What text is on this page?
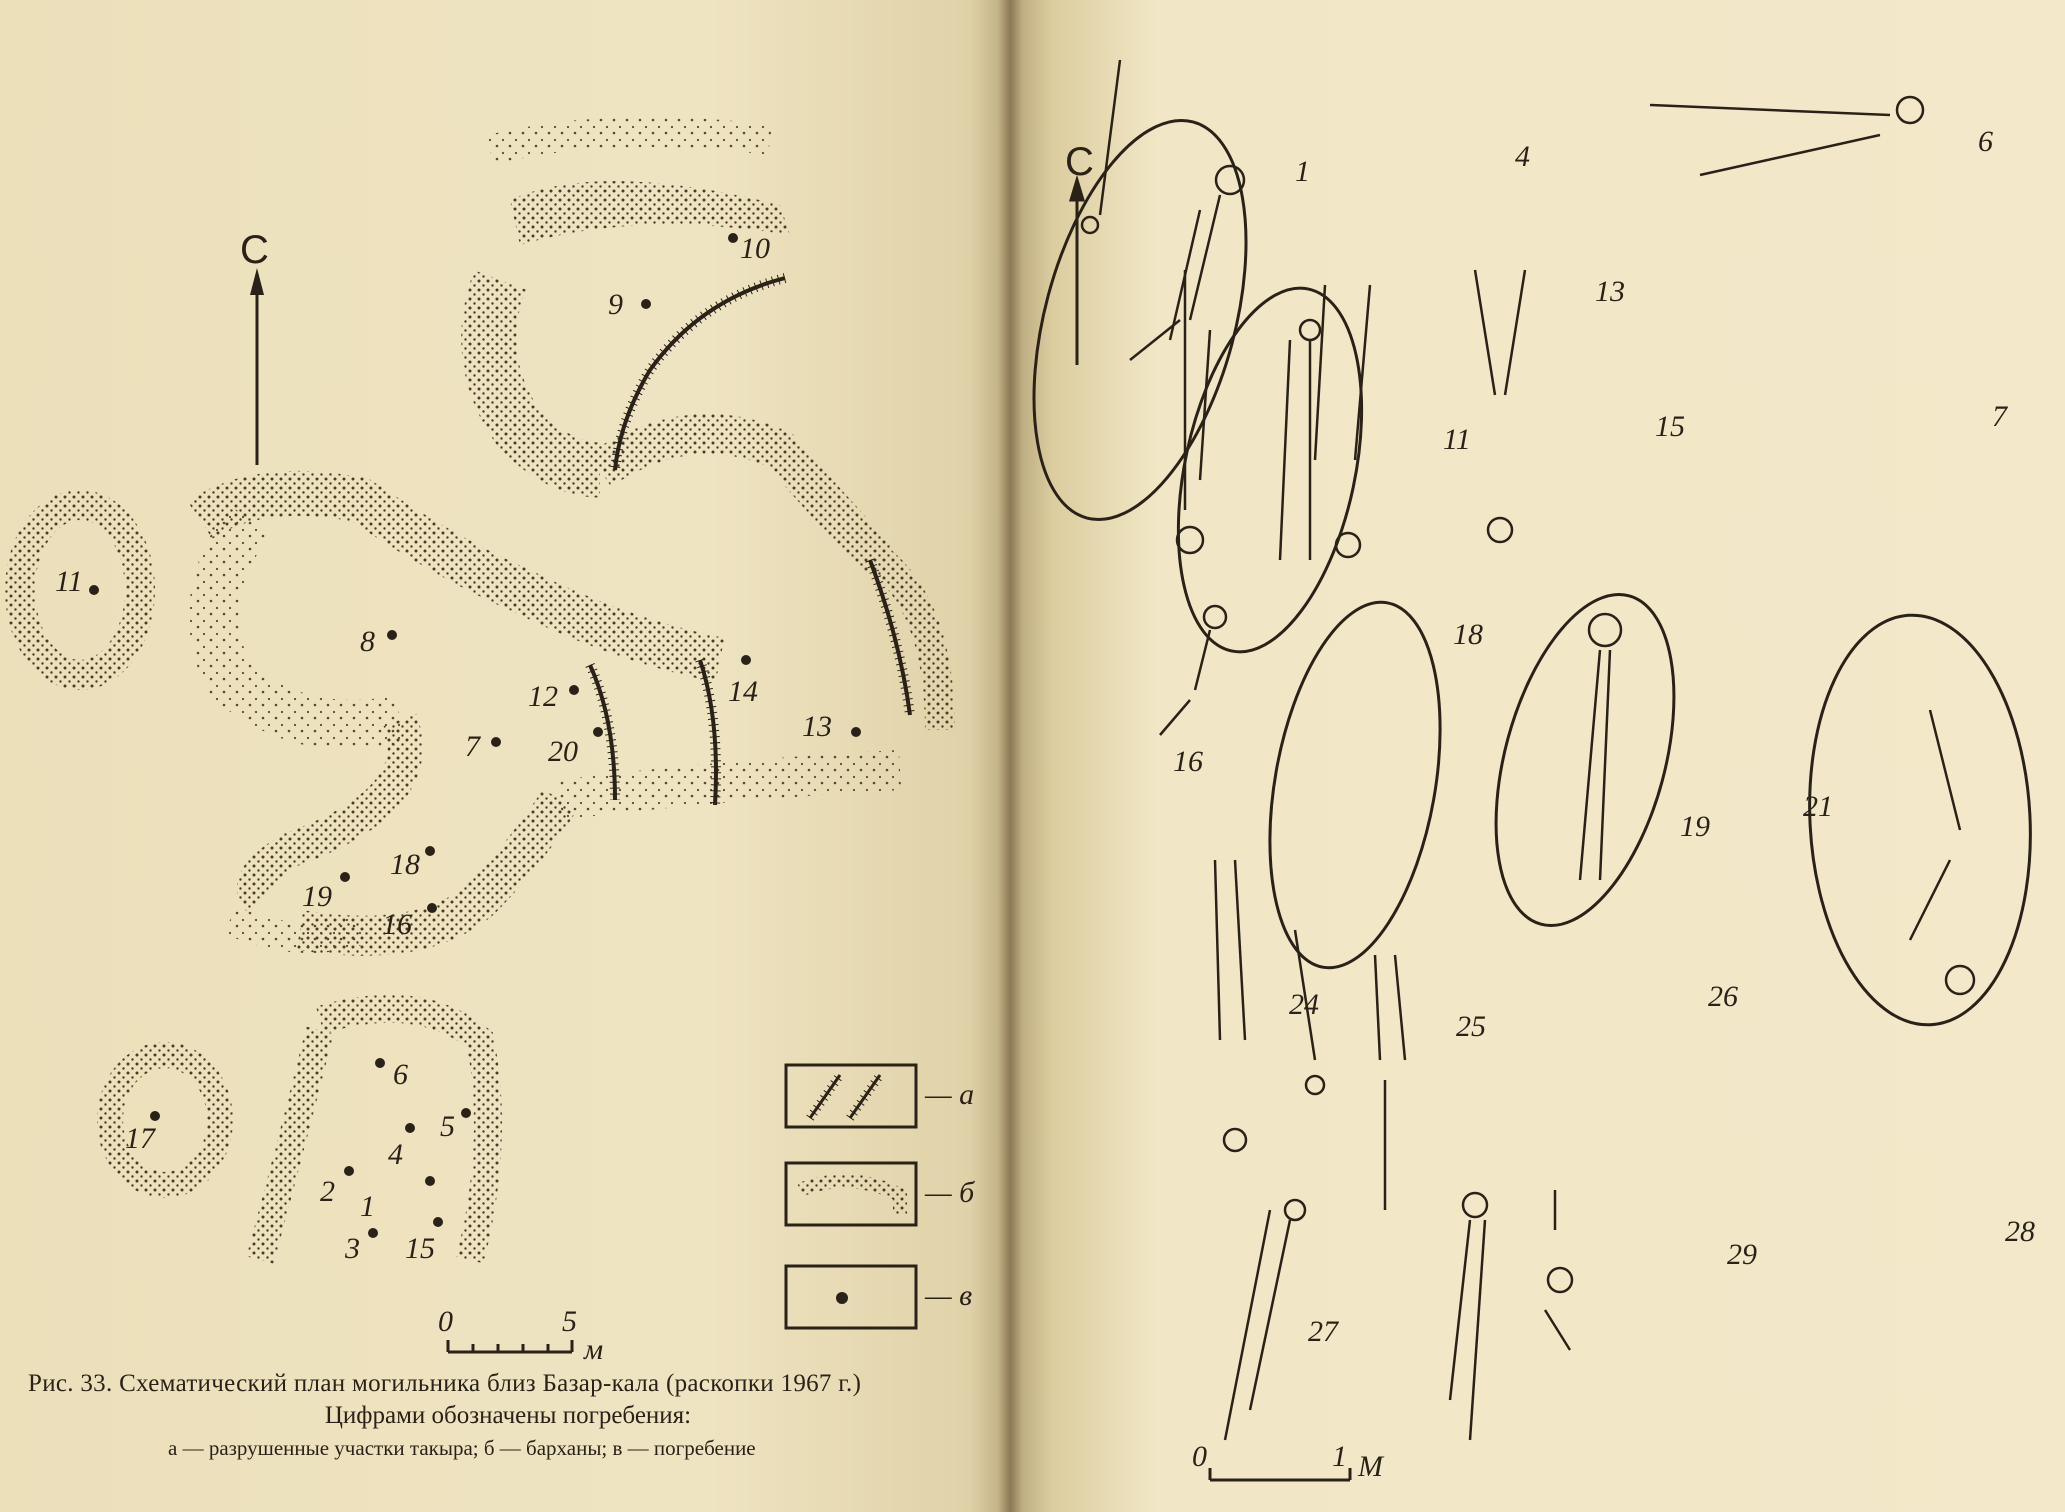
С
1
2
3
4
5
6
7
8
9
10
11
12
13
14
15
16
17
18
19
20
— а
— б
— в
0	5
м
Рис. 33. Схематический план могильника близ Базар-кала (раскопки 1967 г.)
Цифрами обозначены погребения:
а — разрушенные участки такыра; б — барханы; в — погребение
С	1	4	6
13
15	7
11
16
18
19
21
24
25
26
27
29
28
0	1 М
